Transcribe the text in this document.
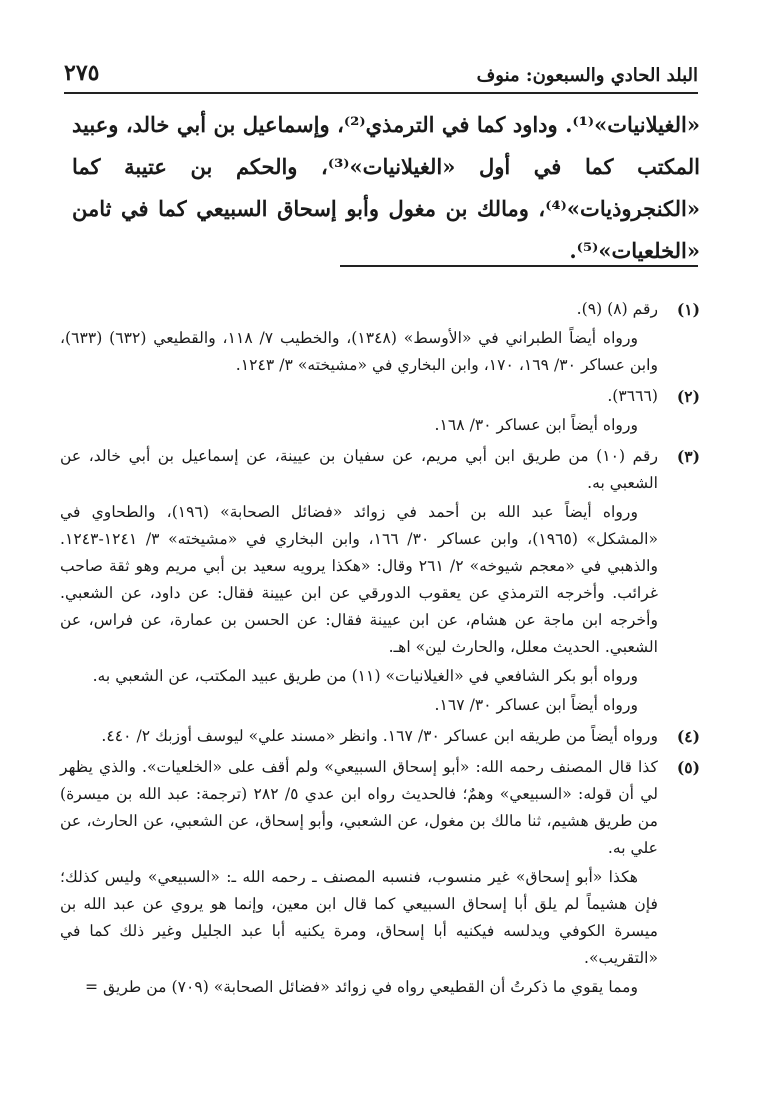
البلد الحادي والسبعون: منوف
٢٧٥

«الغيلانيات»⁽¹⁾. وداود كما في الترمذي⁽²⁾، وإسماعيل بن أبي خالد، وعبيد المكتب كما في أول «الغيلانيات»⁽³⁾، والحكم بن عتيبة كما «الكنجروذيات»⁽⁴⁾، ومالك بن مغول وأبو إسحاق السبيعي كما في ثامن «الخلعيات»⁽⁵⁾.

(١)

رقم (٨) (٩).

ورواه أيضاً الطبراني في «الأوسط» (١٣٤٨)، والخطيب ٧/ ١١٨، والقطيعي (٦٣٢) (٦٣٣)، وابن عساكر ٣٠/ ١٦٩، ١٧٠، وابن البخاري في «مشيخته» ٣/ ١٢٤٣.

(٢)

(٣٦٦٦).

ورواه أيضاً ابن عساكر ٣٠/ ١٦٨.

(٣)

رقم (١٠) من طريق ابن أبي مريم، عن سفيان بن عيينة، عن إسماعيل بن أبي خالد، عن الشعبي به.

ورواه أيضاً عبد الله بن أحمد في زوائد «فضائل الصحابة» (١٩٦)، والطحاوي في «المشكل» (١٩٦٥)، وابن عساكر ٣٠/ ١٦٦، وابن البخاري في «مشيخته» ٣/ ١٢٤١-١٢٤٣. والذهبي في «معجم شيوخه» ٢/ ٢٦١ وقال: «هكذا يرويه سعيد بن أبي مريم وهو ثقة صاحب غرائب. وأخرجه الترمذي عن يعقوب الدورقي عن ابن عيينة فقال: عن داود، عن الشعبي. وأخرجه ابن ماجة عن هشام، عن ابن عيينة فقال: عن الحسن بن عمارة، عن فراس، عن الشعبي. الحديث معلل، والحارث لين» اهـ.

ورواه أبو بكر الشافعي في «الغيلانيات» (١١) من طريق عبيد المكتب، عن الشعبي به.

ورواه أيضاً ابن عساكر ٣٠/ ١٦٧.

(٤)

ورواه أيضاً من طريقه ابن عساكر ٣٠/ ١٦٧. وانظر «مسند علي» ليوسف أوزبك ٢/ ٤٤٠.

(٥)

كذا قال المصنف رحمه الله: «أبو إسحاق السبيعي» ولم أقف على «الخلعيات». والذي يظهر لي أن قوله: «السبيعي» وهمٌ؛ فالحديث رواه ابن عدي ٥/ ٢٨٢ (ترجمة: عبد الله بن ميسرة) من طريق هشيم، ثنا مالك بن مغول، عن الشعبي، وأبو إسحاق، عن الشعبي، عن الحارث، عن علي به.

هكذا «أبو إسحاق» غير منسوب، فنسبه المصنف ـ رحمه الله ـ: «السبيعي» وليس كذلك؛ فإن هشيماً لم يلق أبا إسحاق السبيعي كما قال ابن معين، وإنما هو يروي عن عبد الله بن ميسرة الكوفي ويدلسه فيكنيه أبا إسحاق، ومرة يكنيه أبا عبد الجليل وغير ذلك كما في «التقريب».

ومما يقوي ما ذكرتُ أن القطيعي رواه في زوائد «فضائل الصحابة» (٧٠٩) من طريق =
